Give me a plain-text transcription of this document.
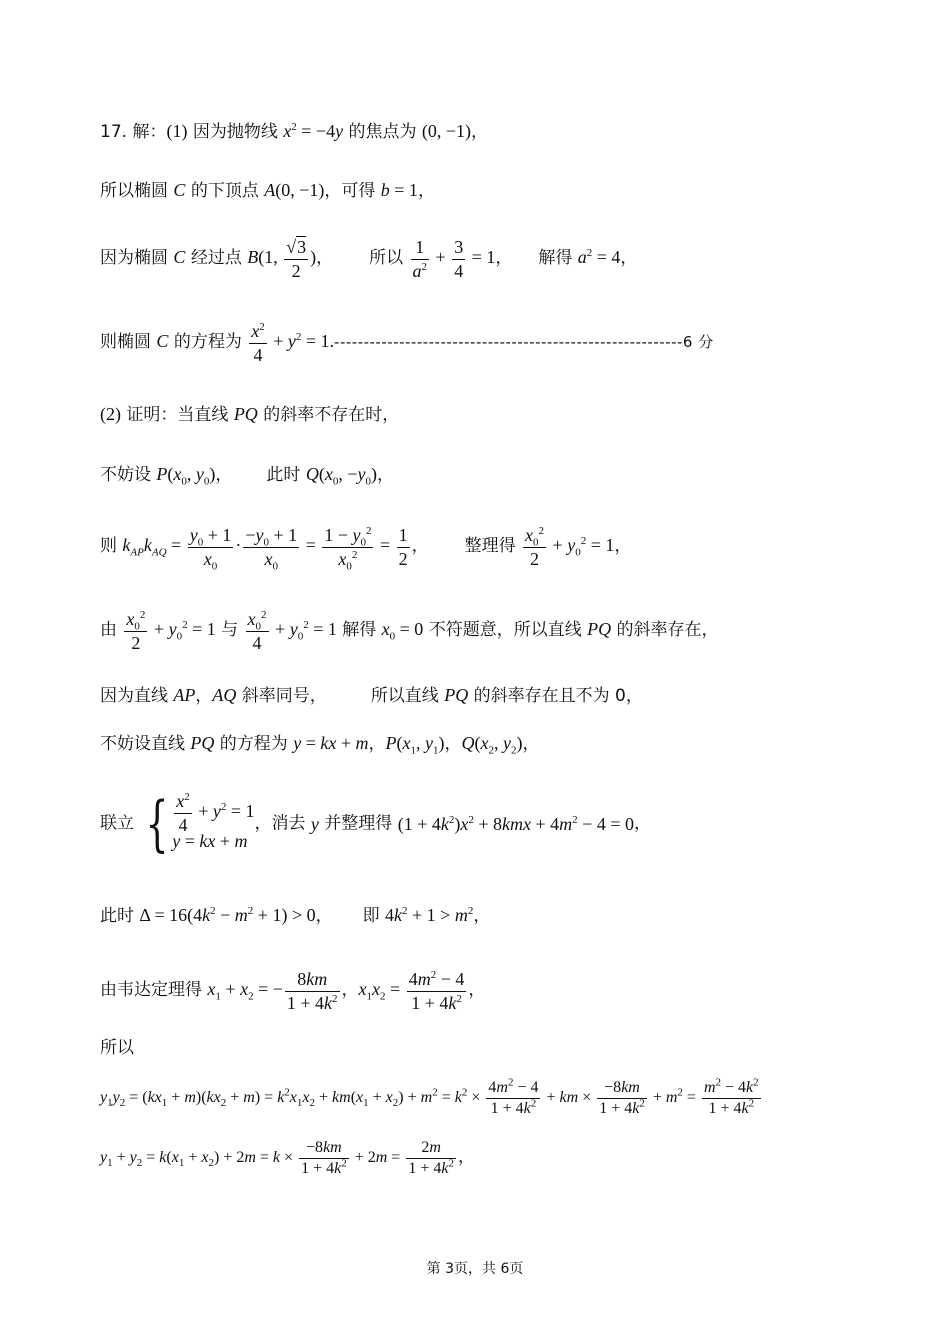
17. 解：(1) 因为抛物线 $x^2 = -4y$ 的焦点为 (0, −1)，
所以椭圆 C 的下顶点 A(0, −1)，可得 b = 1，
因为椭圆 C 经过点 B(1, $\frac{√3}{2}$ )， 所以 $\frac{1}{a^2} + \frac{3}{4} = 1$， 解得 $a^2 = 4$，
则椭圆 C 的方程为 $\frac{x^2}{4} + y^2 = 1.-----------------------------------------------------------6$ 分
(2) 证明：当直线 PQ 的斜率不存在时，
不妨设 $P(x_0$, $y_0$)， 此时 $Q(x_0$, $-y_0$)，
则 $k_{AP}k_{AQ} = \frac{y_0 + 1}{x_0} \cdot \frac{-y_0 + 1}{x_0} = \frac{1 - y_0^2}{x_0^2} = \frac{1}{2}$ ， 整理得 $\frac{x_0^2}{2} + y_0^2 = 1$，
由 $\frac{x_0^2}{2} + y_0^2 = 1$ 与 $\frac{x_0^2}{4} + y_0^2 = 1$ 解得 $x_0 = 0$ 不符题意，所以直线 PQ 的斜率存在，
因为直线 AP，AQ 斜率同号，	所以直线 PQ 的斜率存在且不为 0，
不妨设直线 PQ 的方程为 y = kx + m，$P(x_1$, $y_1$)，$Q(x_2$, $y_2$)，
联立 { $\frac{x^2}{4} + y^2 = 1$
y = kx + m
，消去 y 并整理得 $(1 + 4k^2)x^2 + 8kmx + 4m^2 - 4 = 0$，
此时 $\Delta = 16(4k^2 - m^2 + 1) > 0$， 即 $4k^2 + 1 > m^2$，
由韦达定理得 $x_1 + x_2$ = − $\frac{8km}{1 + 4k^2}$ ，$x_1x_2 = \frac{4m^2 - 4}{1 + 4k^2}$ ，
所以
$y_1y_2 = (kx_1 + m)(kx_2 + m) = k^2x_1x_2 + km(x_1 + x_2) + m^2 = k^2 \times \frac{4m^2 - 4}{1 + 4k^2}$ + km × $\frac{-8km}{1 + 4k^2} + m^2 = \frac{m^2 - 4k^2}{1 + 4k^2}$
$y_1 + y_2 = k(x_1 + x_2) + 2m = k \times \frac{-8km}{1 + 4k^2} + 2m = \frac{2m}{1 + 4k^2}$ ，
第 3页，共 6页
